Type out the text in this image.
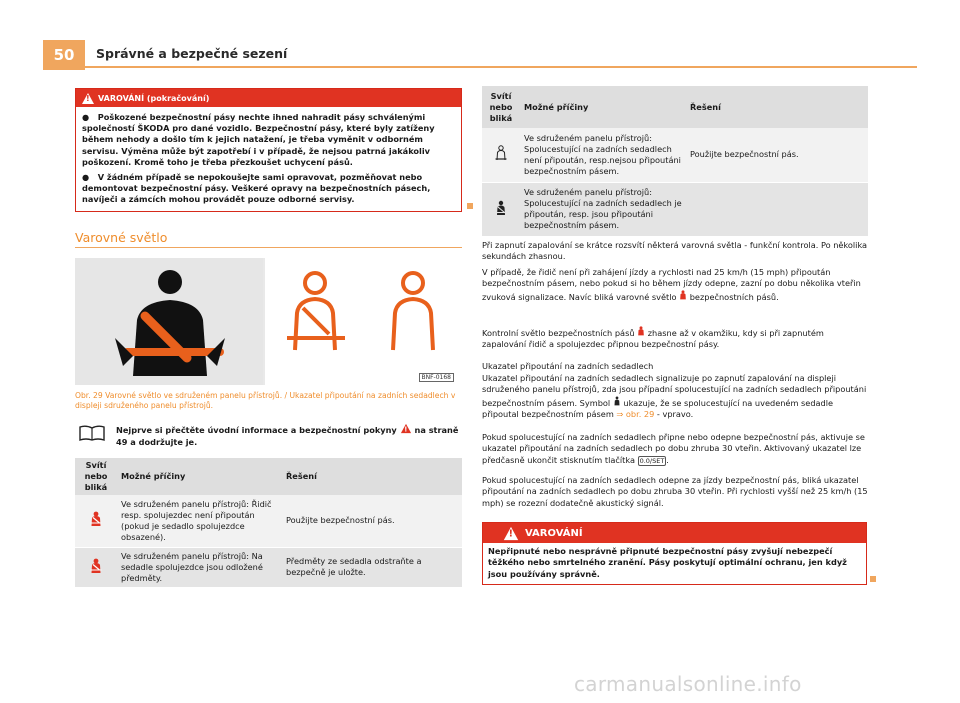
50	Správné a bezpečné sezení
!
VAROVÁNÍ (pokračování)

●   Poškozené bezpečnostní pásy nechte ihned nahradit pásy schválenými společností ŠKODA pro dané vozidlo. Bezpečnostní pásy, které byly zatíženy během nehody a došlo tím k jejich natažení, je třeba vyměnit v odborném servisu. Výměna může být zapotřebí i v případě, že nejsou patrná jakákoliv poškození. Kromě toho je třeba přezkoušet uchycení pásů.

●   V žádném případě se nepokoušejte sami opravovat, pozměňovat nebo demontovat bezpečnostní pásy. Veškeré opravy na bezpečnostních pásech, navíječi a zámcích mohou provádět pouze odborné servisy.

Varovné světlo
BNF-0168
Obr. 29 Varovné světlo ve sdruženém panelu přístrojů. / Ukazatel připoutání na zadních sedadlech v displeji sdruženého panelu přístrojů.
Nejprve si přečtěte úvodní informace a bezpečnostní pokyny ! na straně 49 a dodržujte je.
Svítí nebo bliká	Možné příčiny	Řešení
	Ve sdruženém panelu přístrojů: Řidič resp. spolujezdec není připoután (pokud je sedadlo spolujezdce obsazené).	Použijte bezpečnostní pás.
	Ve sdruženém panelu přístrojů: Na sedadle spolujezdce jsou odložené předměty.	Předměty ze sedadla odstraňte a bezpečně je uložte.
Svítí nebo bliká	Možné příčiny	Řešení
	Ve sdruženém panelu přístrojů: Spolucestující na zadních sedadlech není připoután, resp.nejsou připoutáni bezpečnostním pásem.	Použijte bezpečnostní pás.
	Ve sdruženém panelu přístrojů: Spolucestující na zadních sedadlech je připoután, resp. jsou připoutáni bezpečnostním pásem.	
Při zapnutí zapalování se krátce rozsvítí některá varovná světla - funkční kontrola. Po několika sekundách zhasnou.
V případě, že řidič není při zahájení jízdy a rychlosti nad 25 km/h (15 mph) připoután bezpečnostním pásem, nebo pokud si ho během jízdy odepne, zazní po dobu několika vteřin zvuková signalizace. Navíc bliká varovné světlo  bezpečnostních pásů.
Kontrolní světlo bezpečnostních pásů  zhasne až v okamžiku, kdy si při zapnutém zapalování řidič a spolujezdec připnou bezpečnostní pásy.
Ukazatel připoutání na zadních sedadlech
Ukazatel připoutání na zadních sedadlech signalizuje po zapnutí zapalování na displeji sdruženého panelu přístrojů, zda jsou případní spolucestující na zadních sedadlech připoutáni bezpečnostním pásem. Symbol  ukazuje, že se spolucestující na uvedeném sedadle připoutal bezpečnostním pásem ⇒ obr. 29 - vpravo.
Pokud spolucestující na zadních sedadlech připne nebo odepne bezpečnostní pás, aktivuje se ukazatel připoutání na zadních sedadlech po dobu zhruba 30 vteřin. Aktivovaný ukazatel lze předčasně ukončit stisknutím tlačítka 0.0/SET .
Pokud spolucestující na zadních sedadlech odepne za jízdy bezpečnostní pás, bliká ukazatel připoutání na zadních sedadlech po dobu zhruba 30 vteřin. Při rychlosti vyšší než 25 km/h (15 mph) se rozezní dodatečně akustický signál.
!
VAROVÁNÍ
Nepřipnuté nebo nesprávně připnuté bezpečnostní pásy zvyšují nebezpečí těžkého nebo smrtelného zranění. Pásy poskytují optimální ochranu, jen když jsou používány správně.
carmanualsonline.info
